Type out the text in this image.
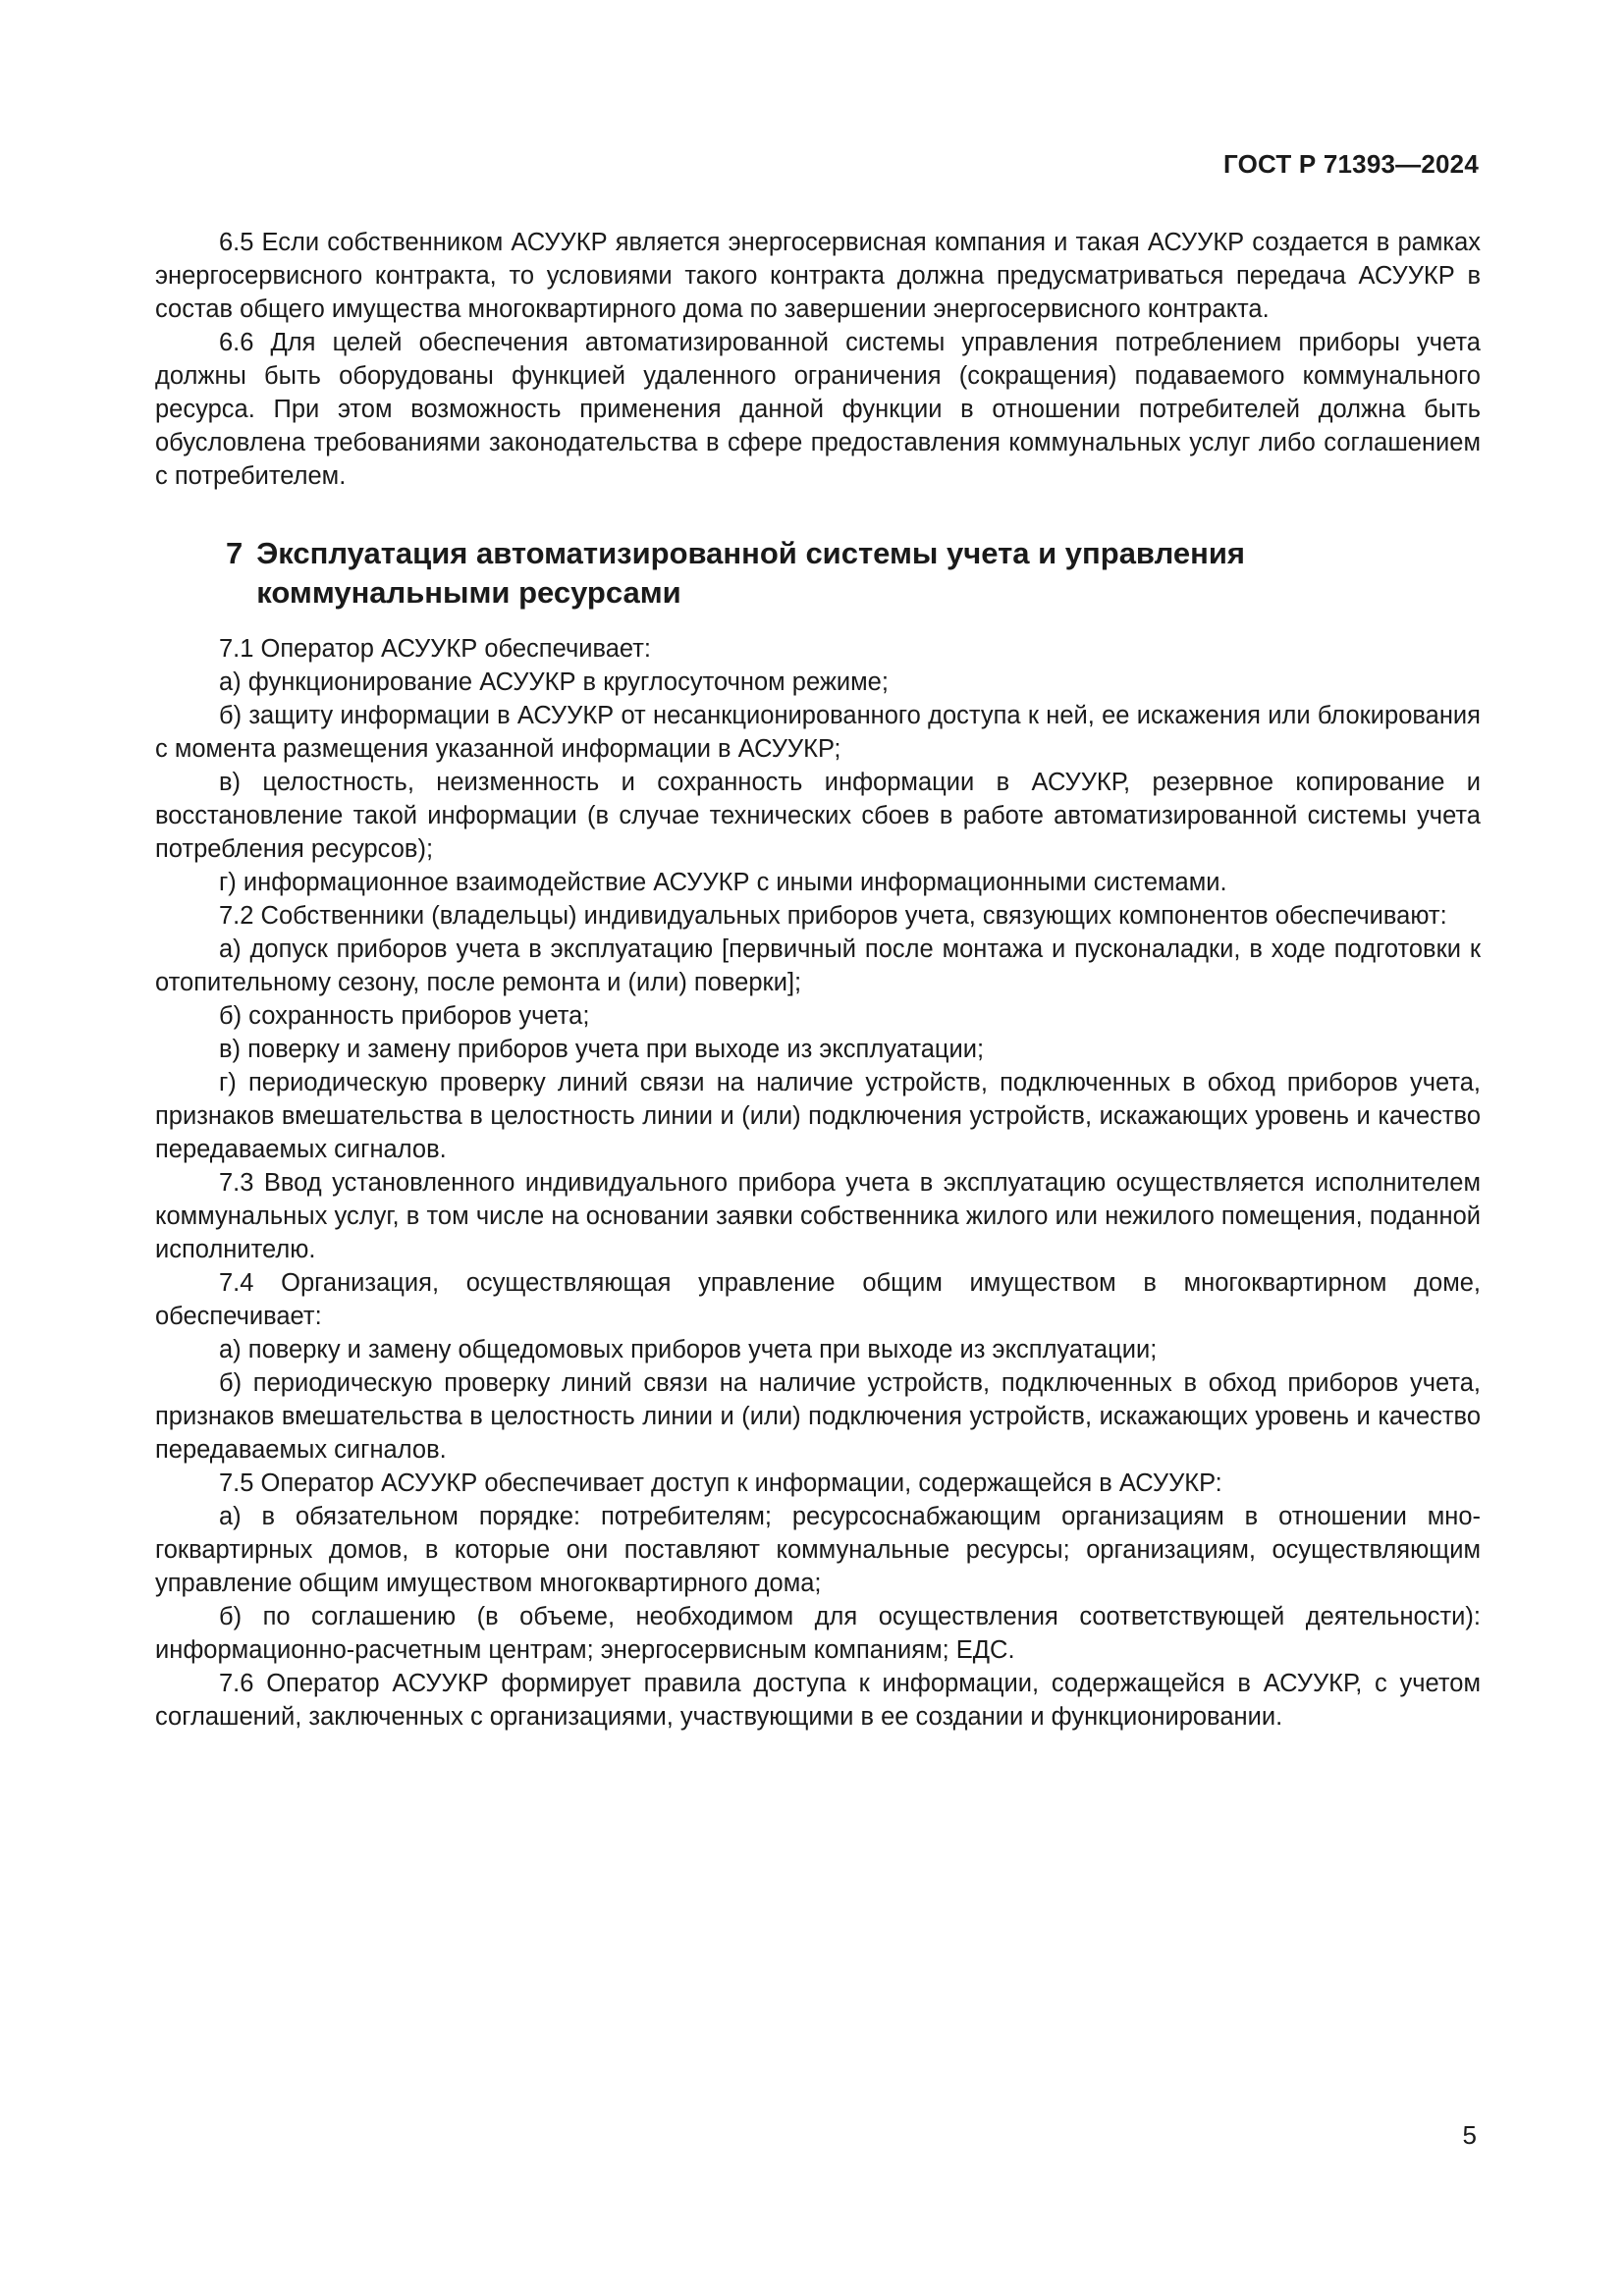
ГОСТ Р 71393—2024

6.5 Если собственником АСУУКР является энергосервисная компания и такая АСУУКР создается в рамках энергосервисного контракта, то условиями такого контракта должна предусматриваться передача АСУУКР в состав общего имущества многоквартирного дома по завершении энергосервисного контракта.

6.6 Для целей обеспечения автоматизированной системы управления потреблением приборы учета должны быть оборудованы функцией удаленного ограничения (сокращения) подаваемого коммунального ресурса. При этом возможность применения данной функции в отношении потребителей должна быть обусловлена требованиями законодательства в сфере предоставления коммунальных услуг либо соглашением с потребителем.

7 Эксплуатация автоматизированной системы учета и управления коммунальными ресурсами

7.1 Оператор АСУУКР обеспечивает:

а) функционирование АСУУКР в круглосуточном режиме;

б) защиту информации в АСУУКР от несанкционированного доступа к ней, ее искажения или блокирования с момента размещения указанной информации в АСУУКР;

в) целостность, неизменность и сохранность информации в АСУУКР, резервное копирование и восстановление такой информации (в случае технических сбоев в работе автоматизированной системы учета потребления ресурсов);

г) информационное взаимодействие АСУУКР с иными информационными системами.

7.2 Собственники (владельцы) индивидуальных приборов учета, связующих компонентов обеспечивают:

а) допуск приборов учета в эксплуатацию [первичный после монтажа и пусконаладки, в ходе подготовки к отопительному сезону, после ремонта и (или) поверки];

б) сохранность приборов учета;

в) поверку и замену приборов учета при выходе из эксплуатации;

г) периодическую проверку линий связи на наличие устройств, подключенных в обход приборов учета, признаков вмешательства в целостность линии и (или) подключения устройств, искажающих уровень и качество передаваемых сигналов.

7.3 Ввод установленного индивидуального прибора учета в эксплуатацию осуществляется исполнителем коммунальных услуг, в том числе на основании заявки собственника жилого или нежилого помещения, поданной исполнителю.

7.4 Организация, осуществляющая управление общим имуществом в многоквартирном доме, обеспечивает:

а) поверку и замену общедомовых приборов учета при выходе из эксплуатации;

б) периодическую проверку линий связи на наличие устройств, подключенных в обход приборов учета, признаков вмешательства в целостность линии и (или) подключения устройств, искажающих уровень и качество передаваемых сигналов.

7.5 Оператор АСУУКР обеспечивает доступ к информации, содержащейся в АСУУКР:

а) в обязательном порядке: потребителям; ресурсоснабжающим организациям в отношении многоквартирных домов, в которые они поставляют коммунальные ресурсы; организациям, осуществляющим управление общим имуществом многоквартирного дома;

б) по соглашению (в объеме, необходимом для осуществления соответствующей деятельности): информационно-расчетным центрам; энергосервисным компаниям; ЕДС.

7.6 Оператор АСУУКР формирует правила доступа к информации, содержащейся в АСУУКР, с учетом соглашений, заключенных с организациями, участвующими в ее создании и функционировании.

5
